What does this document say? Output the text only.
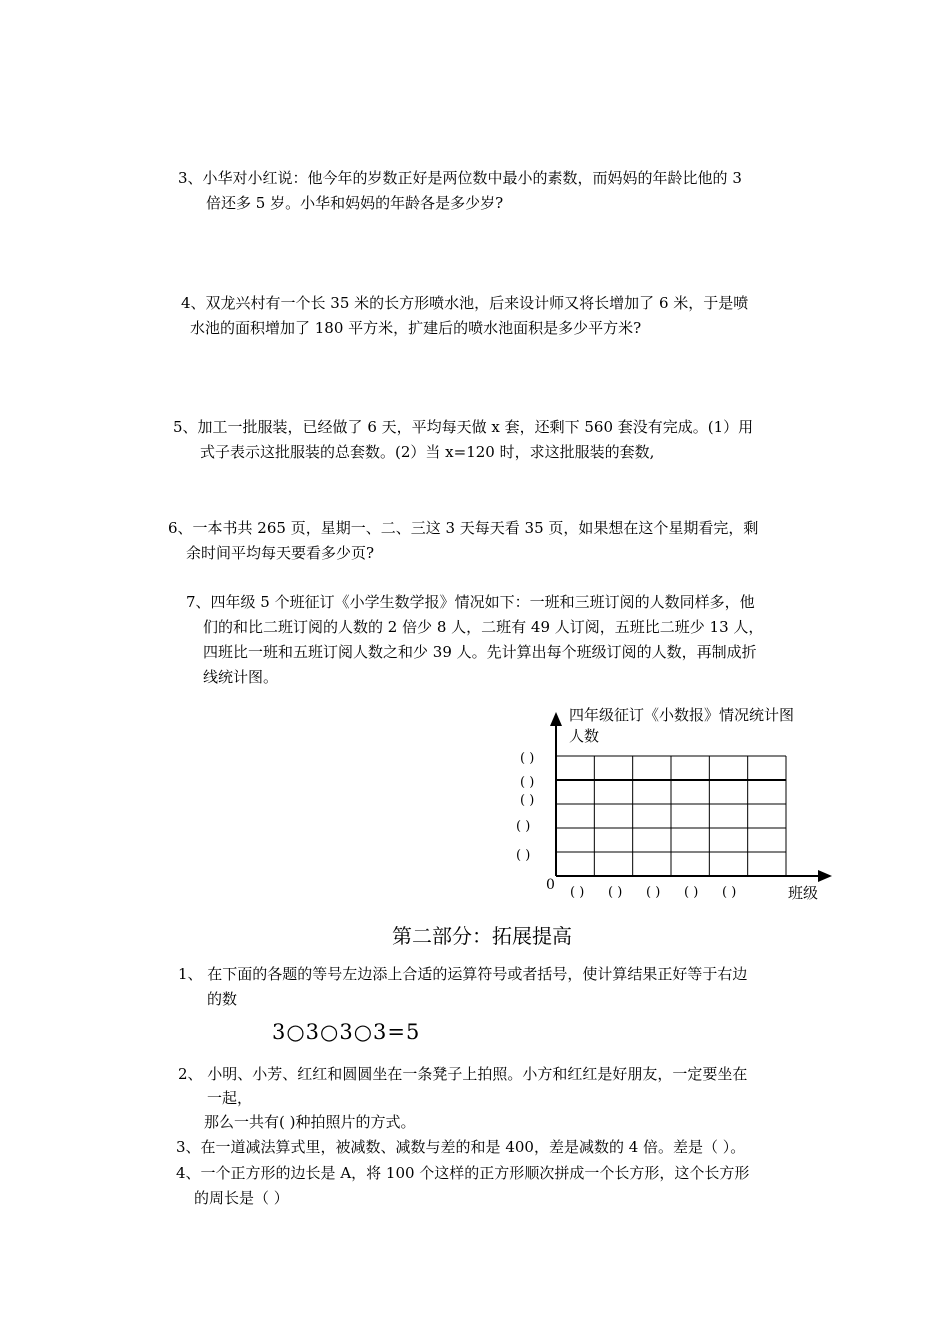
3、小华对小红说：他今年的岁数正好是两位数中最小的素数，而妈妈的年龄比他的 3
倍还多 5 岁。小华和妈妈的年龄各是多少岁?
4、双龙兴村有一个长 35 米的长方形喷水池，后来设计师又将长增加了 6 米，于是喷
水池的面积增加了 180 平方米，扩建后的喷水池面积是多少平方米?
5、加工一批服装，已经做了 6 天，平均每天做 x 套，还剩下 560 套没有完成。(1）用
式子表示这批服装的总套数。(2）当 x=120 时，求这批服装的套数,
6、一本书共 265 页，星期一、二、三这 3 天每天看 35 页，如果想在这个星期看完，剩
余时间平均每天要看多少页?
7、四年级 5 个班征订《小学生数学报》情况如下：一班和三班订阅的人数同样多，他
们的和比二班订阅的人数的 2 倍少 8 人，二班有 49 人订阅，五班比二班少 13 人，
四班比一班和五班订阅人数之和少 39 人。先计算出每个班级订阅的人数，再制成折
线统计图。
四年级征订《小数报》情况统计图
人数
( )
( )
( )
( )
( )
( ) ( ) ( ) ( ) ( )
0	班级
第二部分：拓展提高
1、 在下面的各题的等号左边添上合适的运算符号或者括号，使计算结果正好等于右边
的数
3○3○3○3=5
2、 小明、小芳、红红和圆圆坐在一条凳子上拍照。小方和红红是好朋友，一定要坐在
一起，
那么一共有( )种拍照片的方式。
3、在一道减法算式里，被减数、减数与差的和是 400，差是减数的 4 倍。差是（ ）。
4、一个正方形的边长是 A，将 100 个这样的正方形顺次拼成一个长方形，这个长方形
的周长是（ ）
